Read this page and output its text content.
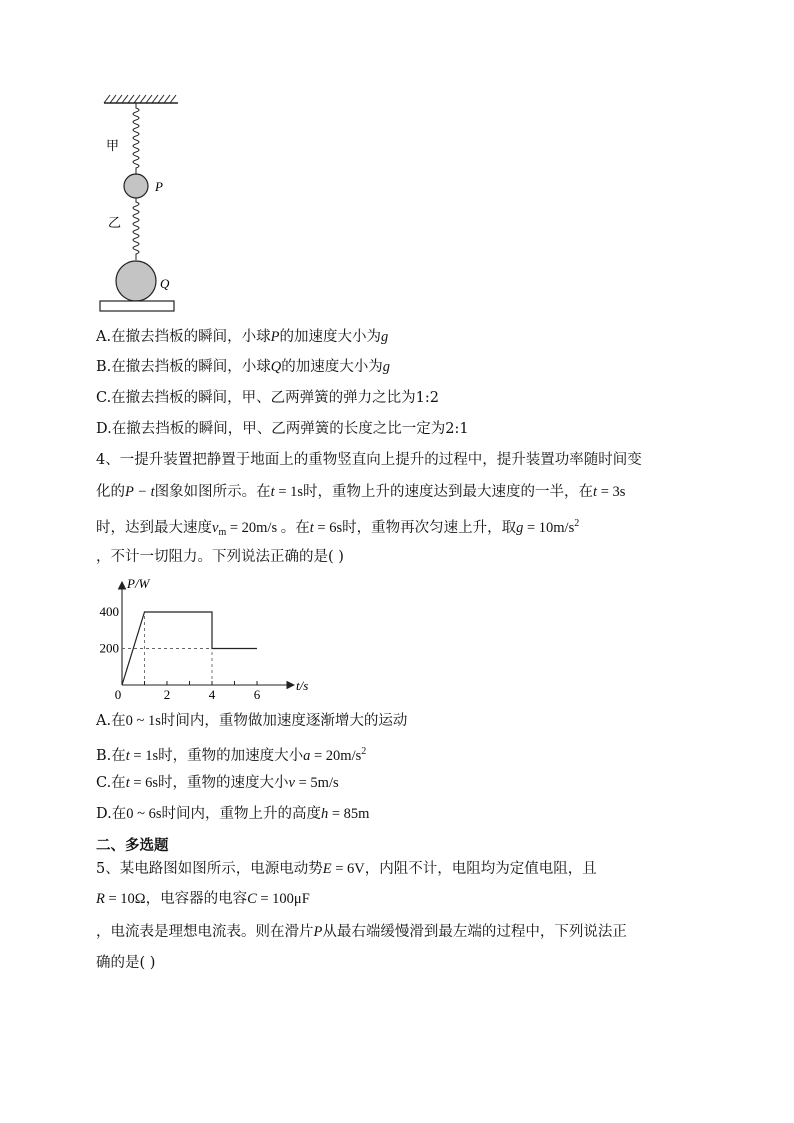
甲
乙
P
Q
A.在撤去挡板的瞬间，小球P的加速度大小为g
B.在撤去挡板的瞬间，小球Q的加速度大小为g
C.在撤去挡板的瞬间，甲、乙两弹簧的弹力之比为1:2
D.在撤去挡板的瞬间，甲、乙两弹簧的长度之比一定为2:1
4、一提升装置把静置于地面上的重物竖直向上提升的过程中，提升装置功率随时间变
化的P − t图象如图所示。在t = 1s时，重物上升的速度达到最大速度的一半，在t = 3s
时，达到最大速度$v_m = 20m/s$ 。在t = 6s时，重物再次匀速上升，取$g = 10m/s^2$
，不计一切阻力。下列说法正确的是( )
0	2	4	6
200
400
P/W
t/s
A.在0 ~ 1s时间内，重物做加速度逐渐增大的运动
B.在t = 1s时，重物的加速度大小$a = 20m/s^2$
C.在t = 6s时，重物的速度大小v = 5m/s
D.在0 ~ 6s时间内，重物上升的高度h = 85m
二、多选题
5、某电路图如图所示，电源电动势E = 6V，内阻不计，电阻均为定值电阻，且
R = 10Ω，电容器的电容C = 100μF
，电流表是理想电流表。则在滑片P从最右端缓慢滑到最左端的过程中，下列说法正
确的是( )
